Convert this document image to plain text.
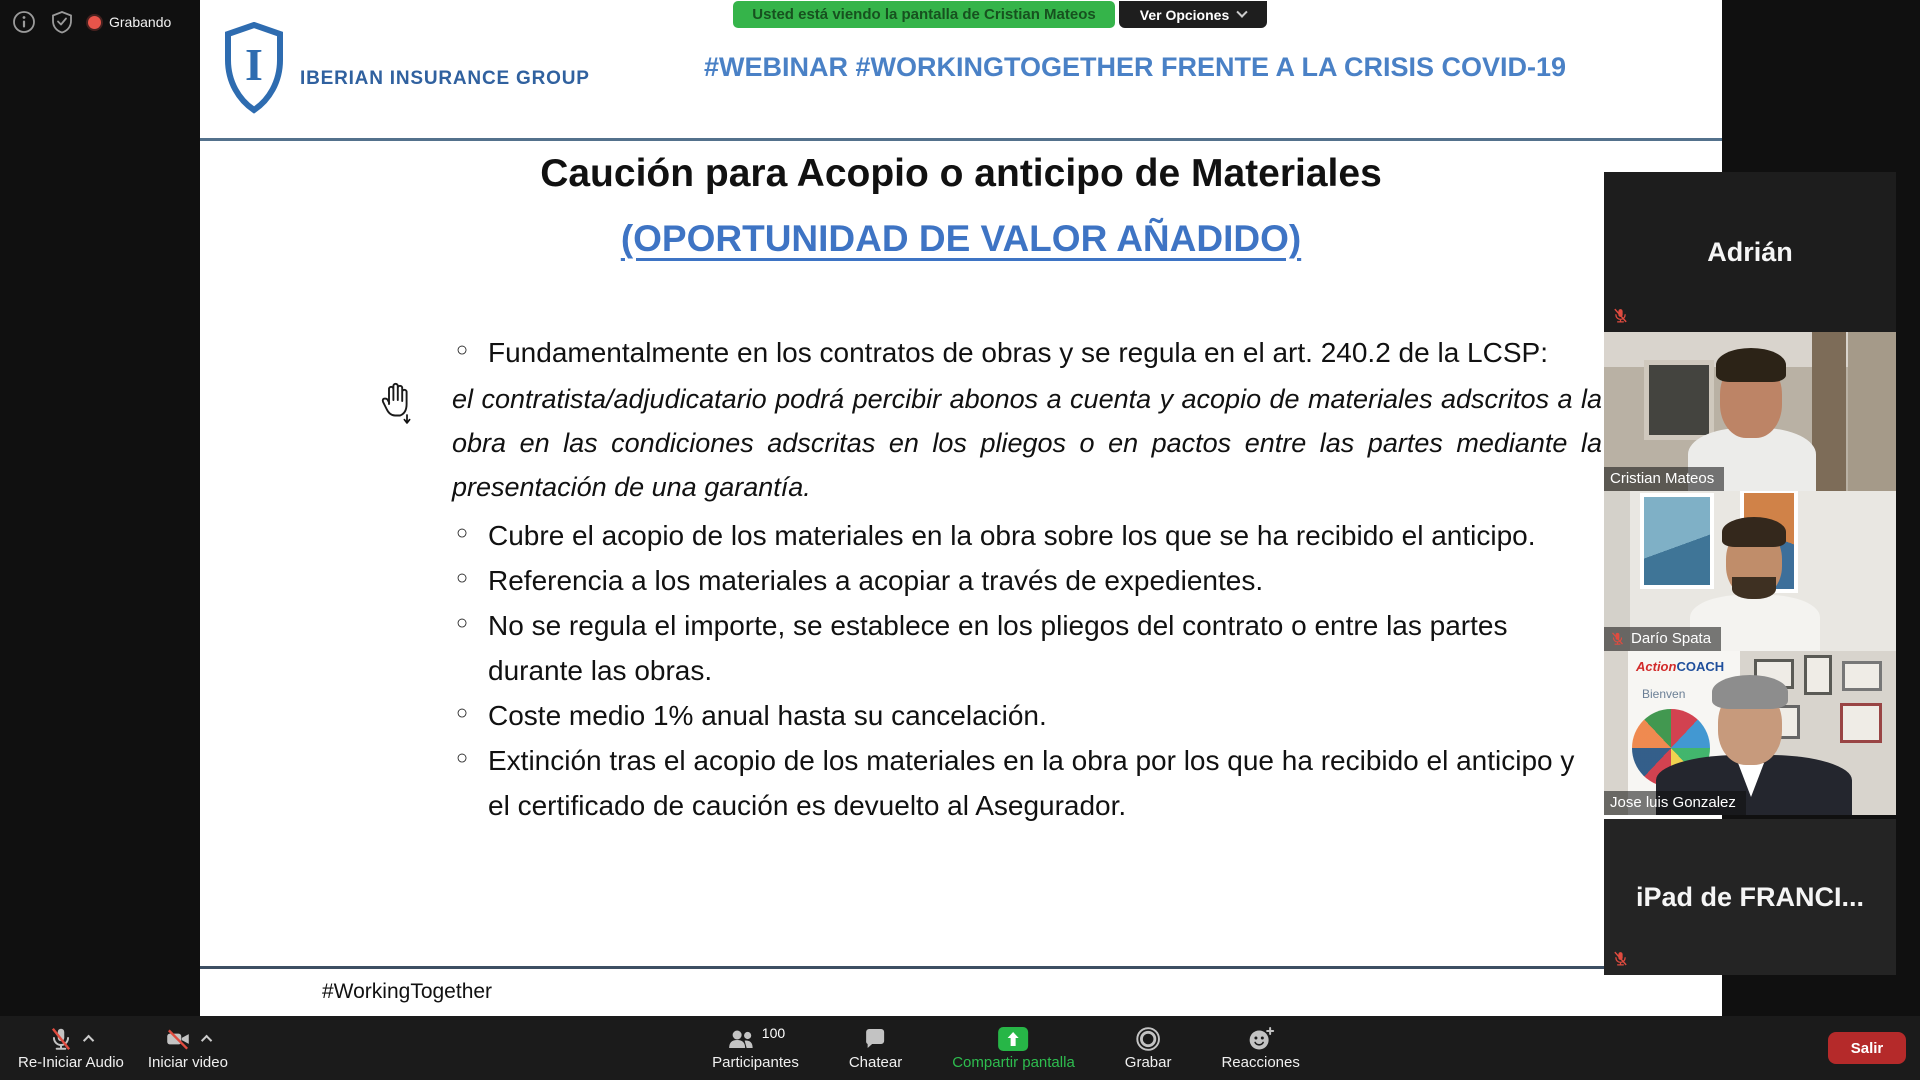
Grabando	Usted está viendo la pantalla de Cristian Mateos	Ver Opciones
I IBERIAN INSURANCE GROUP	#WEBINAR #WORKINGTOGETHER FRENTE A LA CRISIS COVID-19
Caución para Acopio o anticipo de Materiales
(OPORTUNIDAD DE VALOR AÑADIDO)
○ Fundamentalmente en los contratos de obras y se regula en el art. 240.2 de la LCSP:
el contratista/adjudicatario podrá percibir abonos a cuenta y acopio de materiales adscritos a la obra en las condiciones adscritas en los pliegos o en pactos entre las partes mediante la presentación de una garantía.
○ Cubre el acopio de los materiales en la obra sobre los que se ha recibido el anticipo.
○ Referencia a los materiales a acopiar a través de expedientes.
○ No se regula el importe, se establece en los pliegos del contrato o entre las partes durante las obras.
○ Coste medio 1% anual hasta su cancelación.
○ Extinción tras el acopio de los materiales en la obra por los que ha recibido el anticipo y el certificado de caución es devuelto al Asegurador.
#WorkingTogether
Adrián
Cristian Mateos
Darío Spata
ActionCOACH
Bienven
Jose luis Gonzalez
iPad de FRANCI...
Re-Iniciar Audio Iniciar video
100
Participantes	Chatear	Compartir pantalla	Grabar	Reacciones
Salir
